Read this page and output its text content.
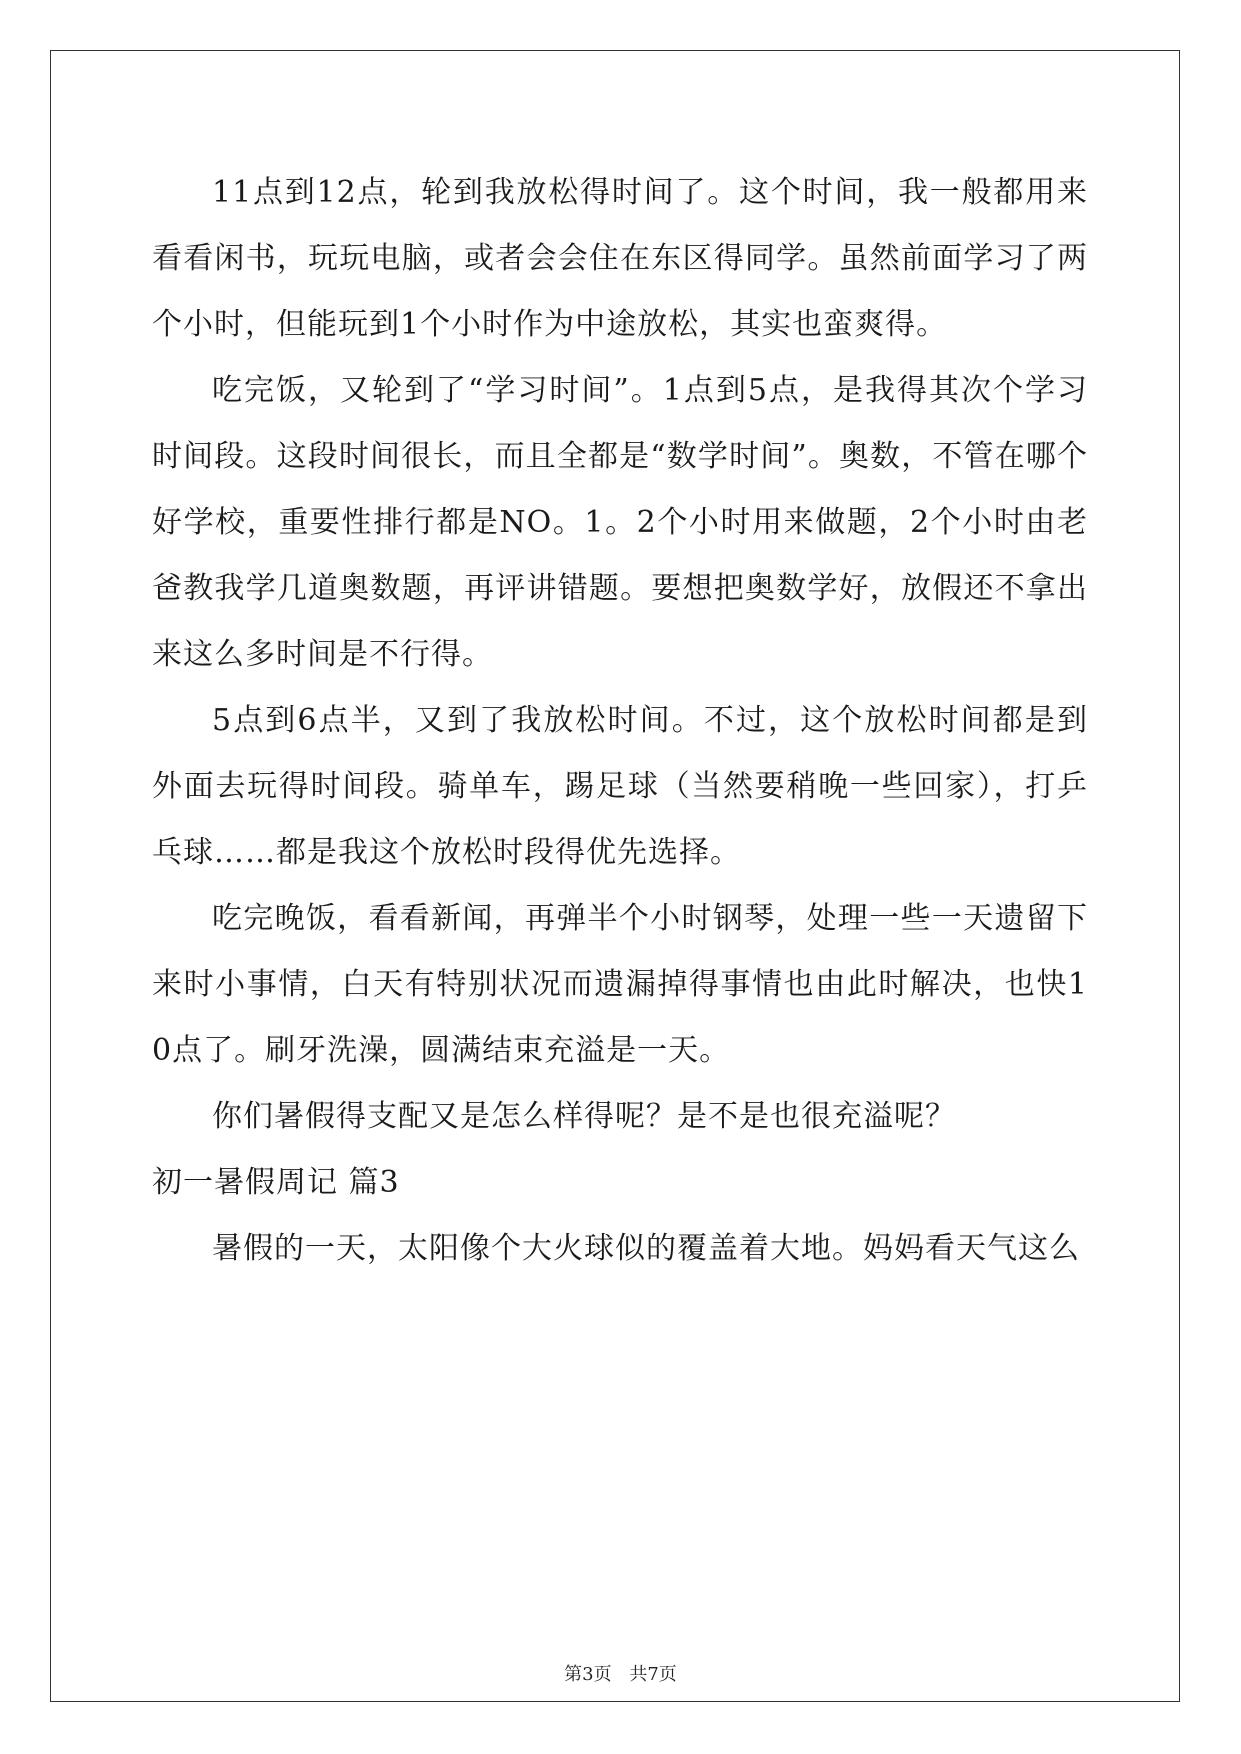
11点到12点，轮到我放松得时间了。这个时间，我一般都用来看看闲书，玩玩电脑，或者会会住在东区得同学。虽然前面学习了两个小时，但能玩到1个小时作为中途放松，其实也蛮爽得。

吃完饭，又轮到了“学习时间”。1点到5点，是我得其次个学习时间段。这段时间很长，而且全都是“数学时间”。奥数，不管在哪个好学校，重要性排行都是NO。1。2个小时用来做题，2个小时由老爸教我学几道奥数题，再评讲错题。要想把奥数学好，放假还不拿出来这么多时间是不行得。

5点到6点半，又到了我放松时间。不过，这个放松时间都是到外面去玩得时间段。骑单车，踢足球（当然要稍晚一些回家），打乒乓球……都是我这个放松时段得优先选择。

吃完晚饭，看看新闻，再弹半个小时钢琴，处理一些一天遗留下来时小事情，白天有特别状况而遗漏掉得事情也由此时解决，也快10点了。刷牙洗澡，圆满结束充溢是一天。

你们暑假得支配又是怎么样得呢？是不是也很充溢呢？

初一暑假周记 篇3

暑假的一天，太阳像个大火球似的覆盖着大地。妈妈看天气这么

第3页 共7页
